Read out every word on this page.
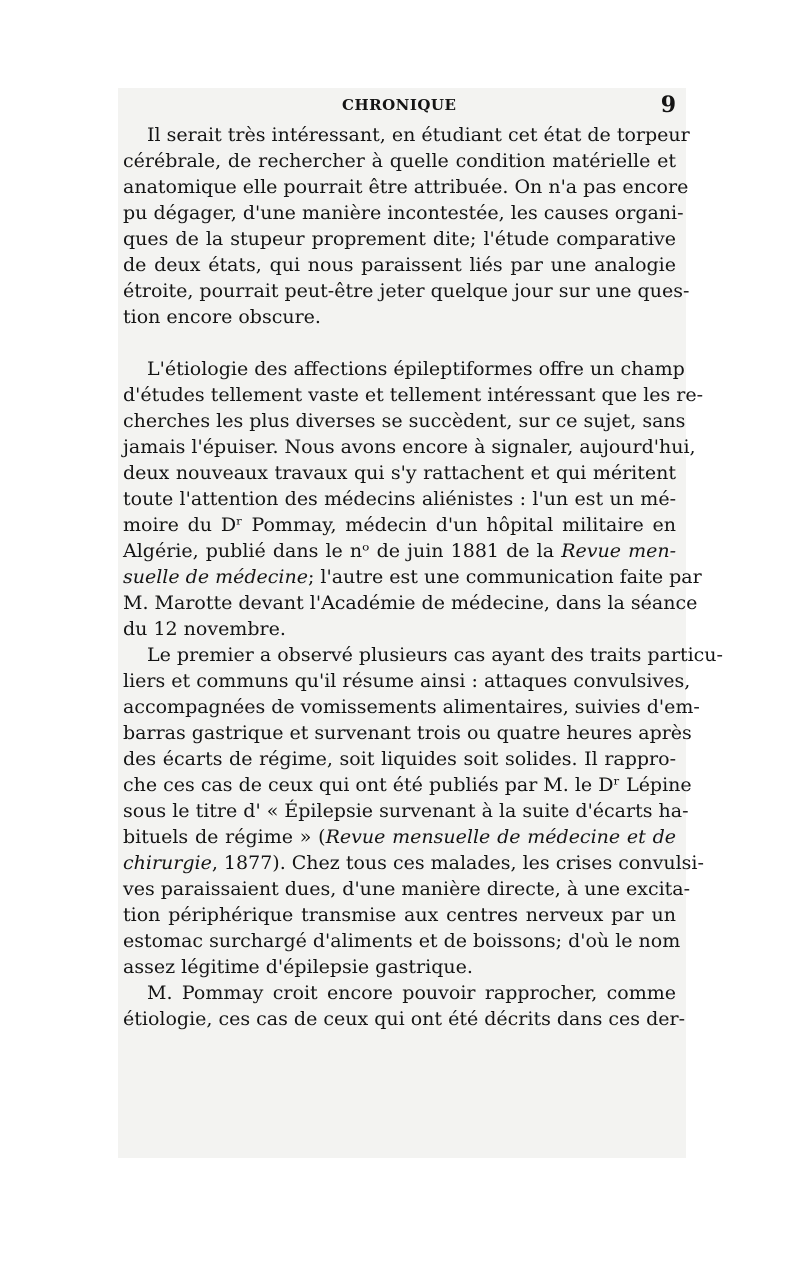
CHRONIQUE	9
Il serait très intéressant, en étudiant cet état de torpeur
cérébrale, de rechercher à quelle condition matérielle et
anatomique elle pourrait être attribuée. On n'a pas encore
pu dégager, d'une manière incontestée, les causes organi-
ques de la stupeur proprement dite; l'étude comparative
de deux états, qui nous paraissent liés par une analogie
étroite, pourrait peut-être jeter quelque jour sur une ques-
tion encore obscure.
L'étiologie des affections épileptiformes offre un champ
d'études tellement vaste et tellement intéressant que les re-
cherches les plus diverses se succèdent, sur ce sujet, sans
jamais l'épuiser. Nous avons encore à signaler, aujourd'hui,
deux nouveaux travaux qui s'y rattachent et qui méritent
toute l'attention des médecins aliénistes : l'un est un mé-
moire du Dʳ Pommay, médecin d'un hôpital militaire en
Algérie, publié dans le nᵒ de juin 1881 de la Revue men-
suelle de médecine; l'autre est une communication faite par
M. Marotte devant l'Académie de médecine, dans la séance
du 12 novembre.
Le premier a observé plusieurs cas ayant des traits particu-
liers et communs qu'il résume ainsi : attaques convulsives,
accompagnées de vomissements alimentaires, suivies d'em-
barras gastrique et survenant trois ou quatre heures après
des écarts de régime, soit liquides soit solides. Il rappro-
che ces cas de ceux qui ont été publiés par M. le Dʳ Lépine
sous le titre d' « Épilepsie survenant à la suite d'écarts ha-
bituels de régime » (Revue mensuelle de médecine et de
chirurgie, 1877). Chez tous ces malades, les crises convulsi-
ves paraissaient dues, d'une manière directe, à une excita-
tion périphérique transmise aux centres nerveux par un
estomac surchargé d'aliments et de boissons; d'où le nom
assez légitime d'épilepsie gastrique.
M. Pommay croit encore pouvoir rapprocher, comme
étiologie, ces cas de ceux qui ont été décrits dans ces der-
